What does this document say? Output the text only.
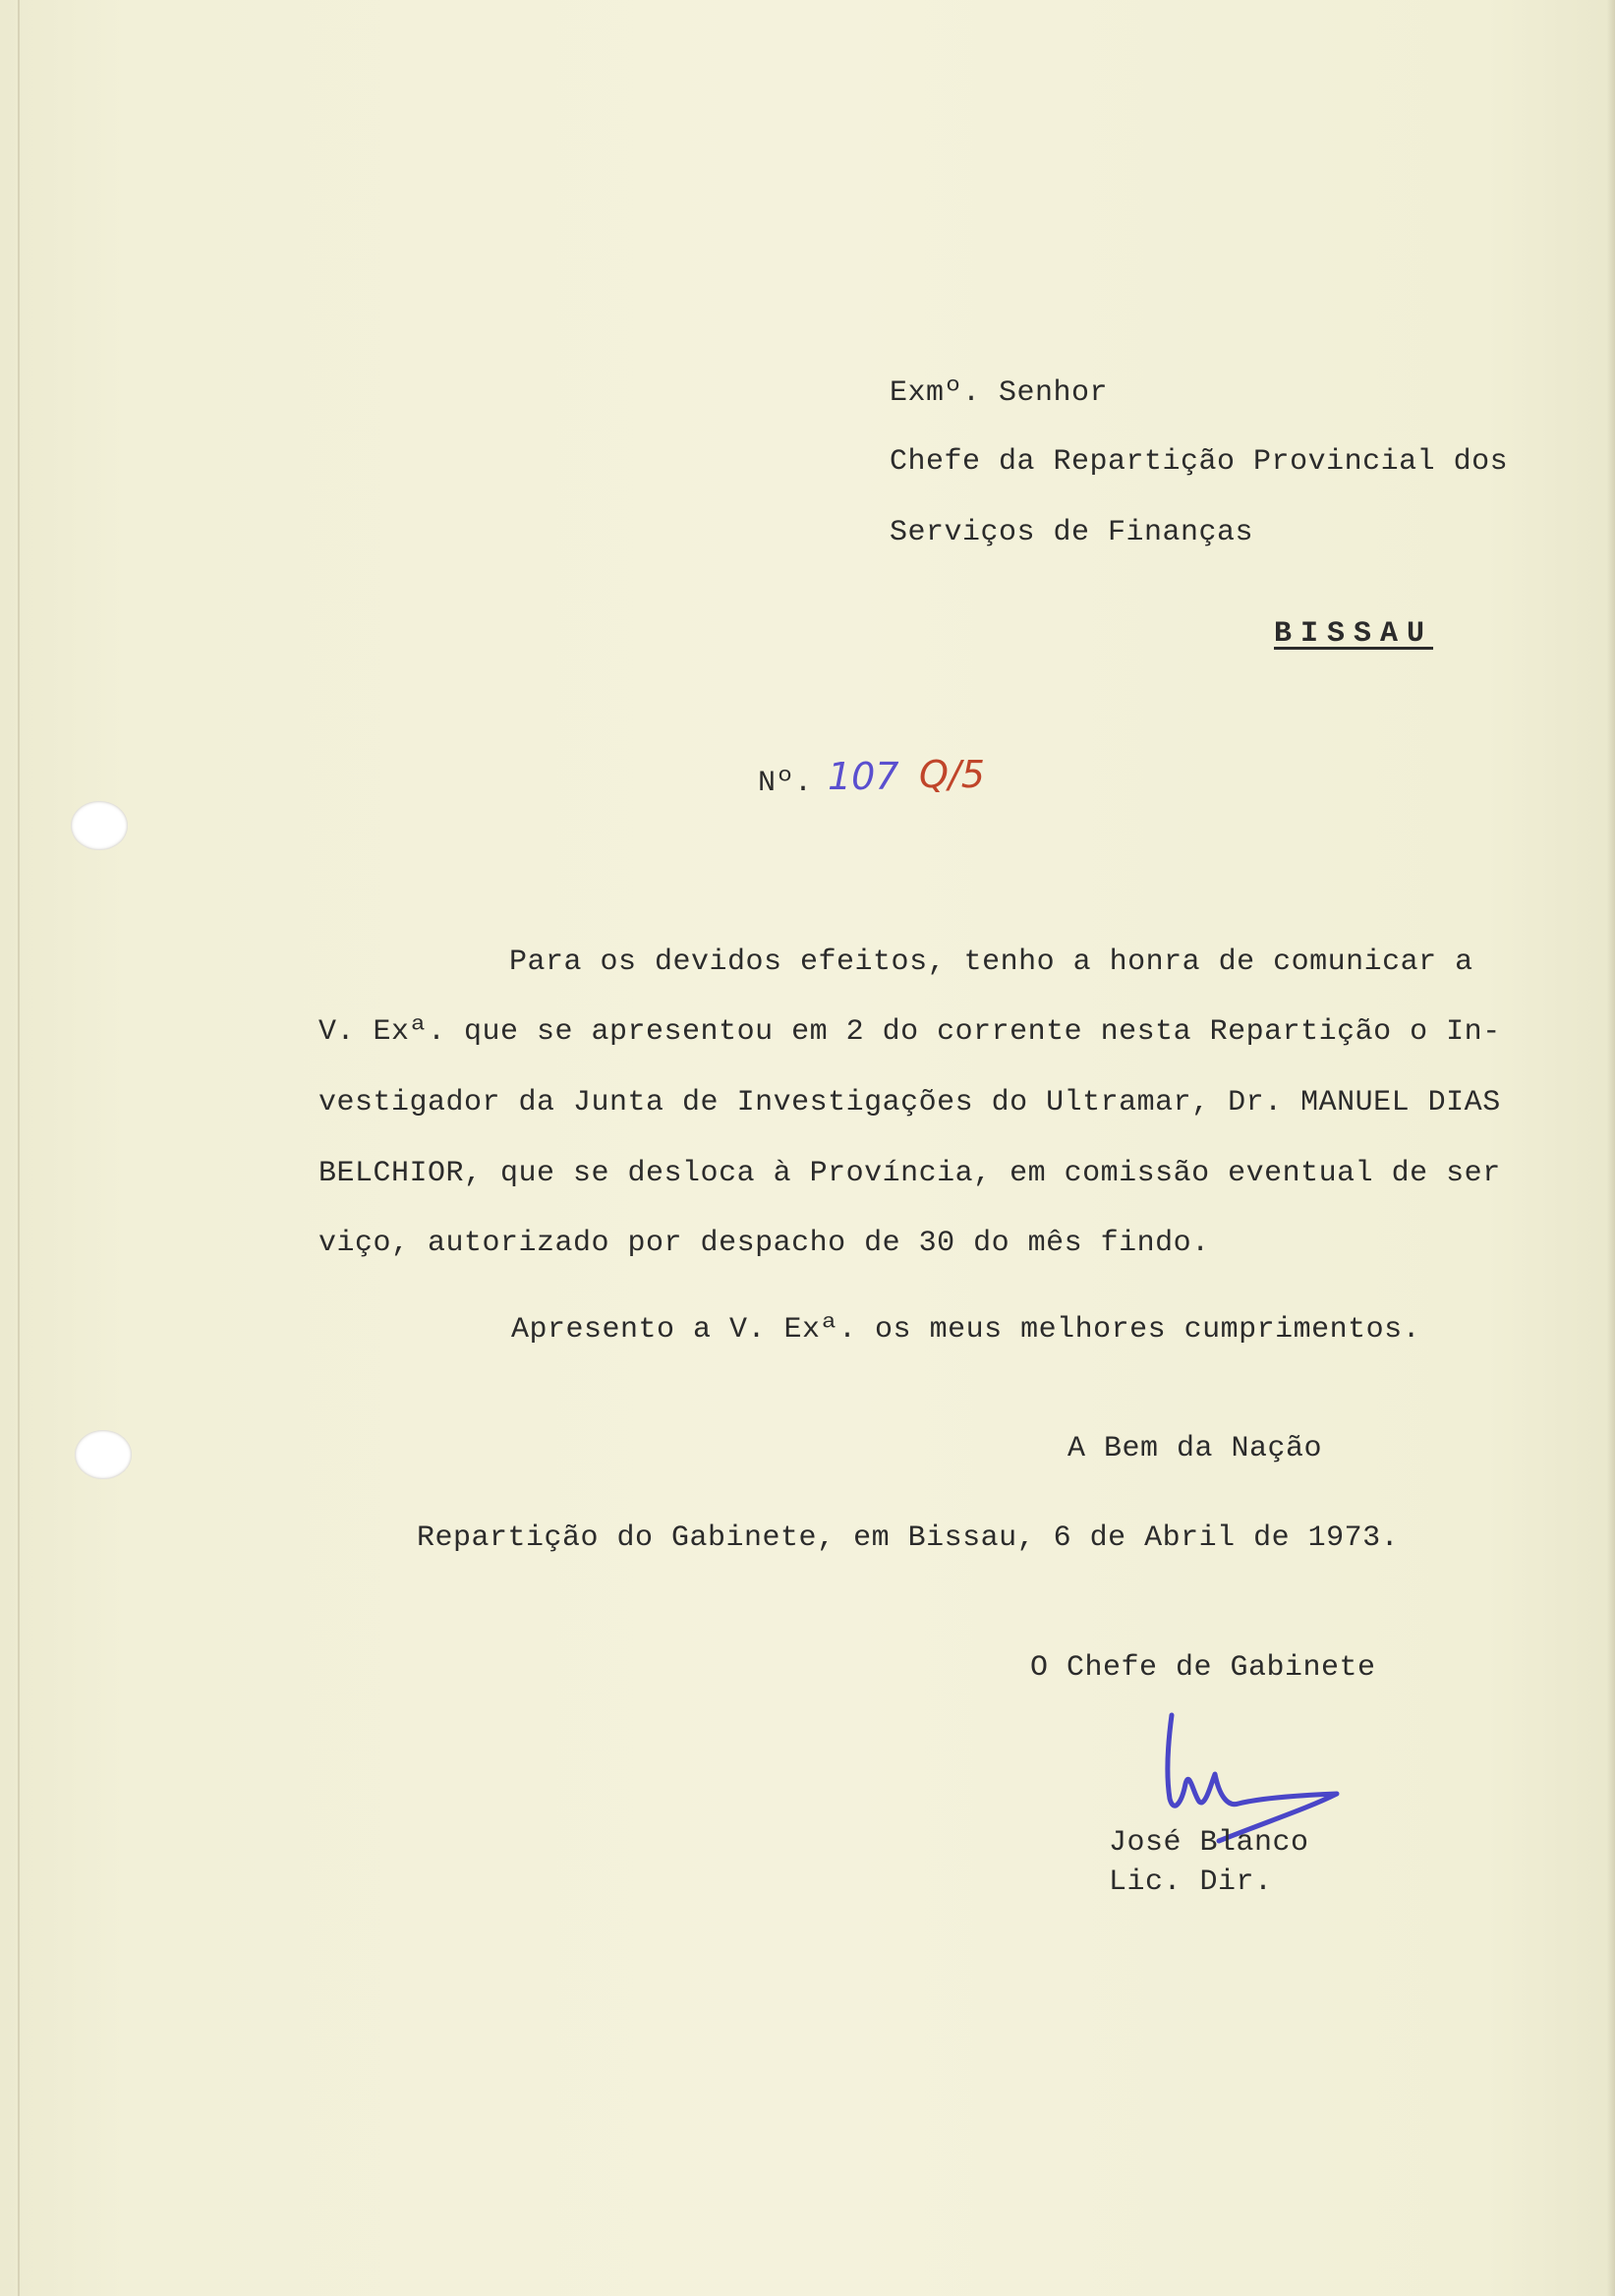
Exmº. Senhor

Chefe da Repartição Provincial dos

Serviços de Finanças

BISSAU

Nº. 107 Q/5

Para os devidos efeitos, tenho a honra de comunicar a

V. Exª. que se apresentou em 2 do corrente nesta Repartição o In-

vestigador da Junta de Investigações do Ultramar, Dr. MANUEL DIAS

BELCHIOR, que se desloca à Província, em comissão eventual de ser

viço, autorizado por despacho de 30 do mês findo.

Apresento a V. Exª. os meus melhores cumprimentos.

A Bem da Nação

Repartição do Gabinete, em Bissau, 6 de Abril de 1973.

O Chefe de Gabinete

José Blanco

Lic. Dir.
